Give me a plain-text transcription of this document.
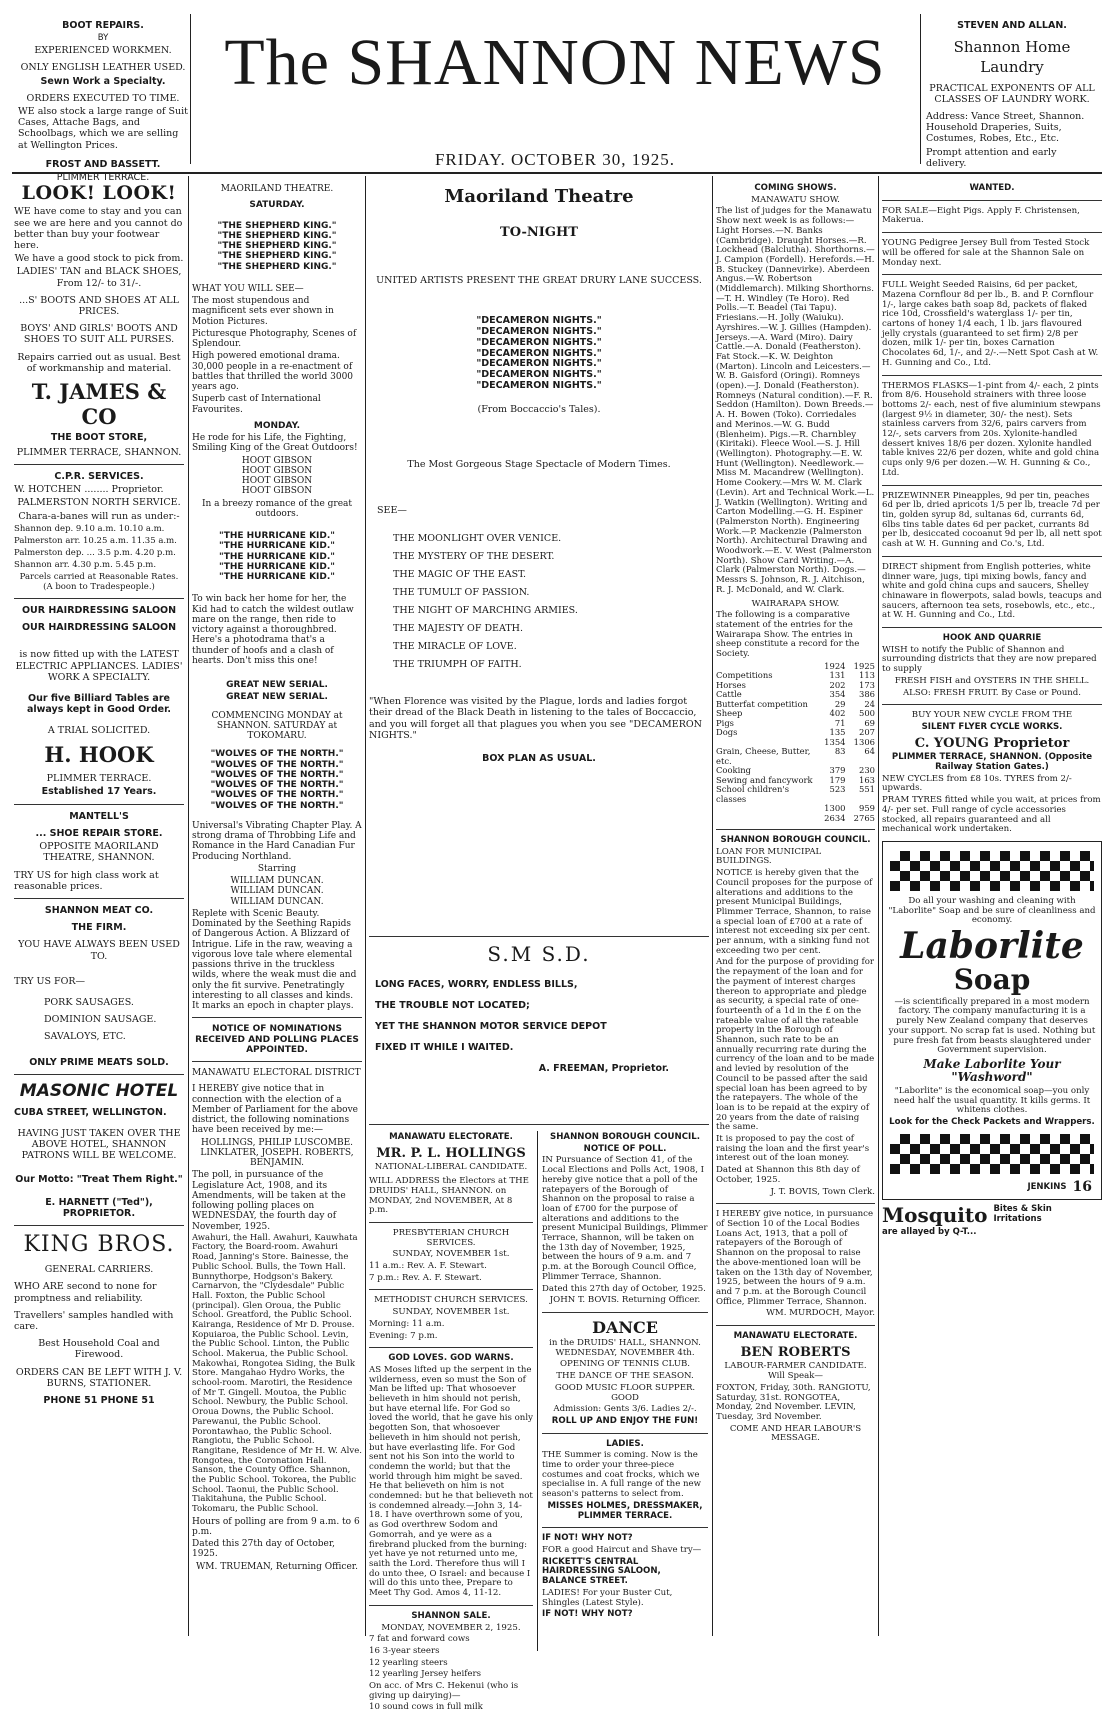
The SHANNON NEWS
FRIDAY. OCTOBER 30, 1925.

BOOT REPAIRS.

BY

EXPERIENCED WORKMEN.

ONLY ENGLISH LEATHER USED.

Sewn Work a Specialty.

ORDERS EXECUTED TO TIME.

WE also stock a large range of Suit Cases, Attache Bags, and Schoolbags, which we are selling at Wellington Prices.

FROST AND BASSETT.

PLIMMER TERRACE.

STEVEN AND ALLAN.

Shannon Home

Laundry

PRACTICAL EXPONENTS OF ALL CLASSES OF LAUNDRY WORK.

Address: Vance Street, Shannon. Household Draperies, Suits, Costumes, Robes, Etc., Etc.

Prompt attention and early delivery.

LOOK! LOOK!

WE have come to stay and you can see we are here and you cannot do better than buy your footwear here.

We have a good stock to pick from.

LADIES' TAN and BLACK SHOES, From 12/- to 31/-.

...S' BOOTS AND SHOES AT ALL PRICES.

BOYS' AND GIRLS' BOOTS AND SHOES TO SUIT ALL PURSES.

Repairs carried out as usual. Best of workmanship and material.

T. JAMES & CO

THE BOOT STORE,

PLIMMER TERRACE, SHANNON.

C.P.R. SERVICES.

W. HOTCHEN ........ Proprietor.

PALMERSTON NORTH SERVICE.

Chara-a-banes will run as under:-

Shannon dep. 9.10 a.m. 10.10 a.m.

Palmerston arr. 10.25 a.m. 11.35 a.m.

Palmerston dep. ... 3.5 p.m. 4.20 p.m.

Shannon arr. 4.30 p.m. 5.45 p.m.

Parcels carried at Reasonable Rates. (A boon to Tradespeople.)

OUR HAIRDRESSING SALOON

OUR HAIRDRESSING SALOON

is now fitted up with the LATEST ELECTRIC APPLIANCES. LADIES' WORK A SPECIALTY.

Our five Billiard Tables are always kept in Good Order.

A TRIAL SOLICITED.

H. HOOK

PLIMMER TERRACE.

Established 17 Years.

MANTELL'S

... SHOE REPAIR STORE.

OPPOSITE MAORILAND THEATRE, SHANNON.

TRY US for high class work at reasonable prices.

SHANNON MEAT CO.

THE FIRM.

YOU HAVE ALWAYS BEEN USED TO.

TRY US FOR—

PORK SAUSAGES.

DOMINION SAUSAGE.

SAVALOYS, ETC.

ONLY PRIME MEATS SOLD.

MASONIC HOTEL

CUBA STREET, WELLINGTON.

HAVING JUST TAKEN OVER THE ABOVE HOTEL, SHANNON PATRONS WILL BE WELCOME.

Our Motto: "Treat Them Right."

E. HARNETT ("Ted"), PROPRIETOR.

KING BROS.

GENERAL CARRIERS.

WHO ARE second to none for promptness and reliability.

Travellers' samples handled with care.

Best Household Coal and Firewood.

ORDERS CAN BE LEFT WITH J. V. BURNS, STATIONER.

PHONE 51 PHONE 51

MAORILAND THEATRE.

SATURDAY.

"THE SHEPHERD KING."
"THE SHEPHERD KING."
"THE SHEPHERD KING."
"THE SHEPHERD KING."
"THE SHEPHERD KING."

WHAT YOU WILL SEE—

The most stupendous and magnificent sets ever shown in Motion Pictures.

Picturesque Photography, Scenes of Splendour.

High powered emotional drama. 30,000 people in a re-enactment of battles that thrilled the world 3000 years ago.

Superb cast of International Favourites.

MONDAY.

He rode for his Life, the Fighting, Smiling King of the Great Outdoors!

HOOT GIBSON
HOOT GIBSON
HOOT GIBSON
HOOT GIBSON

In a breezy romance of the great outdoors.

"THE HURRICANE KID."
"THE HURRICANE KID."
"THE HURRICANE KID."
"THE HURRICANE KID."
"THE HURRICANE KID."

To win back her home for her, the Kid had to catch the wildest outlaw mare on the range, then ride to victory against a thoroughbred. Here's a photodrama that's a thunder of hoofs and a clash of hearts. Don't miss this one!

GREAT NEW SERIAL.

GREAT NEW SERIAL.

COMMENCING MONDAY at SHANNON. SATURDAY at TOKOMARU.

"WOLVES OF THE NORTH."
"WOLVES OF THE NORTH."
"WOLVES OF THE NORTH."
"WOLVES OF THE NORTH."
"WOLVES OF THE NORTH."
"WOLVES OF THE NORTH."

Universal's Vibrating Chapter Play. A strong drama of Throbbing Life and Romance in the Hard Canadian Fur Producing Northland.

Starring

WILLIAM DUNCAN.
WILLIAM DUNCAN.
WILLIAM DUNCAN.

Replete with Scenic Beauty. Dominated by the Seething Rapids of Dangerous Action. A Blizzard of Intrigue. Life in the raw, weaving a vigorous love tale where elemental passions thrive in the truckless wilds, where the weak must die and only the fit survive. Penetratingly interesting to all classes and kinds. It marks an epoch in chapter plays.

NOTICE OF NOMINATIONS RECEIVED AND POLLING PLACES APPOINTED.

MANAWATU ELECTORAL DISTRICT

I HEREBY give notice that in connection with the election of a Member of Parliament for the above district, the following nominations have been received by me:—

HOLLINGS, PHILIP LUSCOMBE. LINKLATER, JOSEPH. ROBERTS, BENJAMIN.

The poll, in pursuance of the Legislature Act, 1908, and its Amendments, will be taken at the following polling places on WEDNESDAY, the fourth day of November, 1925.

Awahuri, the Hall. Awahuri, Kauwhata Factory, the Board-room. Awahuri Road, Janning's Store. Bainesse, the Public School. Bulls, the Town Hall. Bunnythorpe, Hodgson's Bakery. Carnarvon, the "Clydesdale" Public Hall. Foxton, the Public School (principal). Glen Oroua, the Public School. Greatford, the Public School. Kairanga, Residence of Mr D. Prouse. Kopuiaroa, the Public School. Levin, the Public School. Linton, the Public School. Makerua, the Public School. Makowhai, Rongotea Siding, the Bulk Store. Mangahao Hydro Works, the school-room. Marotiri, the Residence of Mr T. Gingell. Moutoa, the Public School. Newbury, the Public School. Oroua Downs, the Public School. Parewanui, the Public School. Porontawhao, the Public School. Rangiotu, the Public School. Rangitane, Residence of Mr H. W. Alve. Rongotea, the Coronation Hall. Sanson, the County Office. Shannon, the Public School. Tokorea, the Public School. Taonui, the Public School. Tiakitahuna, the Public School. Tokomaru, the Public School.

Hours of polling are from 9 a.m. to 6 p.m.

Dated this 27th day of October, 1925.

WM. TRUEMAN, Returning Officer.

Maoriland Theatre
TO-NIGHT

UNITED ARTISTS PRESENT THE GREAT DRURY LANE SUCCESS.

"DECAMERON NIGHTS."
"DECAMERON NIGHTS."
"DECAMERON NIGHTS."
"DECAMERON NIGHTS."
"DECAMERON NIGHTS."
"DECAMERON NIGHTS."
"DECAMERON NIGHTS."

(From Boccaccio's Tales).

The Most Gorgeous Stage Spectacle of Modern Times.

SEE—

THE MOONLIGHT OVER VENICE.
THE MYSTERY OF THE DESERT.
THE MAGIC OF THE EAST.
THE TUMULT OF PASSION.
THE NIGHT OF MARCHING ARMIES.
THE MAJESTY OF DEATH.
THE MIRACLE OF LOVE.
THE TRIUMPH OF FAITH.

"When Florence was visited by the Plague, lords and ladies forgot their dread of the Black Death in listening to the tales of Boccaccio, and you will forget all that plagues you when you see "DECAMERON NIGHTS."

BOX PLAN AS USUAL.

S.M S.D.

LONG FACES, WORRY, ENDLESS BILLS,

THE TROUBLE NOT LOCATED;

YET THE SHANNON MOTOR SERVICE DEPOT

FIXED IT WHILE I WAITED.

A. FREEMAN, Proprietor.

MANAWATU ELECTORATE.

MR. P. L. HOLLINGS

NATIONAL-LIBERAL CANDIDATE.

WILL ADDRESS the Electors at THE DRUIDS' HALL, SHANNON. on MONDAY, 2nd NOVEMBER, At 8 p.m.

PRESBYTERIAN CHURCH SERVICES.

SUNDAY, NOVEMBER 1st.

11 a.m.: Rev. A. F. Stewart.

7 p.m.: Rev. A. F. Stewart.

METHODIST CHURCH SERVICES.

SUNDAY, NOVEMBER 1st.

Morning: 11 a.m.

Evening: 7 p.m.

GOD LOVES. GOD WARNS.

AS Moses lifted up the serpent in the wilderness, even so must the Son of Man be lifted up: That whosoever believeth in him should not perish, but have eternal life. For God so loved the world, that he gave his only begotten Son, that whosoever believeth in him should not perish, but have everlasting life. For God sent not his Son into the world to condemn the world; but that the world through him might be saved. He that believeth on him is not condemned: but he that believeth not is condemned already.—John 3, 14-18. I have overthrown some of you, as God overthrew Sodom and Gomorrah, and ye were as a firebrand plucked from the burning: yet have ye not returned unto me, saith the Lord. Therefore thus will I do unto thee, O Israel: and because I will do this unto thee, Prepare to Meet Thy God. Amos 4, 11-12.

SHANNON SALE.

MONDAY, NOVEMBER 2, 1925.

7 fat and forward cows

16 3-year steers

12 yearling steers

12 yearling Jersey heifers

On acc. of Mrs C. Hekenui (who is giving up dairying)—

10 sound cows in full milk

SHANNON BOROUGH COUNCIL.

NOTICE OF POLL.

IN Pursuance of Section 41, of the Local Elections and Polls Act, 1908, I hereby give notice that a poll of the ratepayers of the Borough of Shannon on the proposal to raise a loan of £700 for the purpose of alterations and additions to the present Municipal Buildings, Plimmer Terrace, Shannon, will be taken on the 13th day of November, 1925, between the hours of 9 a.m. and 7 p.m. at the Borough Council Office, Plimmer Terrace, Shannon.

Dated this 27th day of October, 1925.

JOHN T. BOVIS. Returning Officer.

DANCE

in the DRUIDS' HALL, SHANNON. WEDNESDAY, NOVEMBER 4th.

OPENING OF TENNIS CLUB.

THE DANCE OF THE SEASON.

GOOD MUSIC FLOOR SUPPER. GOOD

Admission: Gents 3/6. Ladies 2/-.

ROLL UP AND ENJOY THE FUN!

LADIES.

THE Summer is coming. Now is the time to order your three-piece costumes and coat frocks, which we specialise in. A full range of the new season's patterns to select from.

MISSES HOLMES, DRESSMAKER, PLIMMER TERRACE.

IF NOT! WHY NOT?

FOR a good Haircut and Shave try—

RICKETT'S CENTRAL HAIRDRESSING SALOON, BALANCE STREET.

LADIES! For your Buster Cut, Shingles (Latest Style).

IF NOT! WHY NOT?

COMING SHOWS.

MANAWATU SHOW.

The list of judges for the Manawatu Show next week is as follows:— Light Horses.—N. Banks (Cambridge). Draught Horses.—R. Lockhead (Balclutha). Shorthorns.—J. Campion (Fordell). Herefords.—H. B. Stuckey (Dannevirke). Aberdeen Angus.—W. Robertson (Middlemarch). Milking Shorthorns.—T. H. Windley (Te Horo). Red Polls.—T. Beadel (Tai Tapu). Friesians.—H. Jolly (Waiuku). Ayrshires.—W. J. Gillies (Hampden). Jerseys.—A. Ward (Miro). Dairy Cattle.—A. Donald (Featherston). Fat Stock.—K. W. Deighton (Marton). Lincoln and Leicesters.—W. B. Gaisford (Oringi). Romneys (open).—J. Donald (Featherston). Romneys (Natural condition).—F. R. Seddon (Hamilton). Down Breeds.—A. H. Bowen (Toko). Corriedales and Merinos.—W. G. Budd (Blenheim). Pigs.—R. Charnbley (Kiritaki). Fleece Wool.—S. J. Hill (Wellington). Photography.—E. W. Hunt (Wellington). Needlework.—Miss M. Macandrew (Wellington). Home Cookery.—Mrs W. M. Clark (Levin). Art and Technical Work.—L. J. Watkin (Wellington). Writing and Carton Modelling.—G. H. Espiner (Palmerston North). Engineering Work.—P. Mackenzie (Palmerston North). Architectural Drawing and Woodwork.—E. V. West (Palmerston North). Show Card Writing.—A. Clark (Palmerston North). Dogs.—Messrs S. Johnson, R. J. Aitchison, R. J. McDonald, and W. Clark.

WAIRARAPA SHOW.

The following is a comparative statement of the entries for the Wairarapa Show. The entries in sheep constitute a record for the Society.

1924 1925
Competitions	131	113
Horses	202	173
Cattle	354	386
Butterfat competition	29	24
Sheep	402	500
Pigs	71	69
Dogs	135	207
1354 1306
Grain, Cheese, Butter, etc.
83	64
Cooking	379	230
Sewing and fancywork	179	163
School children's classes
523	551
1300	959
2634 2765

SHANNON BOROUGH COUNCIL.

LOAN FOR MUNICIPAL BUILDINGS.

NOTICE is hereby given that the Council proposes for the purpose of alterations and additions to the present Municipal Buildings, Plimmer Terrace, Shannon, to raise a special loan of £700 at a rate of interest not exceeding six per cent. per annum, with a sinking fund not exceeding two per cent.

And for the purpose of providing for the repayment of the loan and for the payment of interest charges thereon to appropriate and pledge as security, a special rate of one-fourteenth of a 1d in the £ on the rateable value of all the rateable property in the Borough of Shannon, such rate to be an annually recurring rate during the currency of the loan and to be made and levied by resolution of the Council to be passed after the said special loan has been agreed to by the ratepayers. The whole of the loan is to be repaid at the expiry of 20 years from the date of raising the same.

It is proposed to pay the cost of raising the loan and the first year's interest out of the loan money.

Dated at Shannon this 8th day of October, 1925.

J. T. BOVIS, Town Clerk.

I HEREBY give notice, in pursuance of Section 10 of the Local Bodies Loans Act, 1913, that a poll of ratepayers of the Borough of Shannon on the proposal to raise the above-mentioned loan will be taken on the 13th day of November, 1925, between the hours of 9 a.m. and 7 p.m. at the Borough Council Office, Plimmer Terrace, Shannon.

WM. MURDOCH, Mayor.

MANAWATU ELECTORATE.

BEN ROBERTS

LABOUR-FARMER CANDIDATE. Will Speak—

FOXTON, Friday, 30th. RANGIOTU, Saturday, 31st. RONGOTEA, Monday, 2nd November. LEVIN, Tuesday, 3rd November.

COME AND HEAR LABOUR'S MESSAGE.

WANTED.

FOR SALE—Eight Pigs. Apply F. Christensen, Makerua.

YOUNG Pedigree Jersey Bull from Tested Stock will be offered for sale at the Shannon Sale on Monday next.

FULL Weight Seeded Raisins, 6d per packet, Mazena Cornflour 8d per lb., B. and P. Cornflour 1/-, large cakes bath soap 8d, packets of flaked rice 10d, Crossfield's waterglass 1/- per tin, cartons of honey 1/4 each, 1 lb. jars flavoured jelly crystals (guaranteed to set firm) 2/8 per dozen, milk 1/- per tin, boxes Carnation Chocolates 6d, 1/-, and 2/-.—Nett Spot Cash at W. H. Gunning and Co., Ltd.

THERMOS FLASKS—1-pint from 4/- each, 2 pints from 8/6. Household strainers with three loose bottoms 2/- each, nest of five aluminium stewpans (largest 9½ in diameter, 30/- the nest). Sets stainless carvers from 32/6, pairs carvers from 12/-, sets carvers from 20s. Xylonite-handled dessert knives 18/6 per dozen. Xylonite handled table knives 22/6 per dozen, white and gold china cups only 9/6 per dozen.—W. H. Gunning & Co., Ltd.

PRIZEWINNER Pineapples, 9d per tin, peaches 6d per lb, dried apricots 1/5 per lb, treacle 7d per tin, golden syrup 8d, sultanas 6d, currants 6d, 6lbs tins table dates 6d per packet, currants 8d per lb, desiccated cocoanut 9d per lb, all nett spot cash at W. H. Gunning and Co.'s, Ltd.

DIRECT shipment from English potteries, white dinner ware, jugs, tipi mixing bowls, fancy and white and gold china cups and saucers, Shelley chinaware in flowerpots, salad bowls, teacups and saucers, afternoon tea sets, rosebowls, etc., etc., at W. H. Gunning and Co., Ltd.

HOOK AND QUARRIE

WISH to notify the Public of Shannon and surrounding districts that they are now prepared to supply

FRESH FISH and OYSTERS IN THE SHELL.

ALSO: FRESH FRUIT. By Case or Pound.

BUY YOUR NEW CYCLE FROM THE

SILENT FLYER CYCLE WORKS.

C. YOUNG Proprietor

PLIMMER TERRACE, SHANNON. (Opposite Railway Station Gates.)

NEW CYCLES from £8 10s. TYRES from 2/- upwards.

PRAM TYRES fitted while you wait, at prices from 4/- per set. Full range of cycle accessories stocked, all repairs guaranteed and all mechanical work undertaken.

Do all your washing and cleaning with "Laborlite" Soap and be sure of cleanliness and economy.

Laborlite
Soap

—is scientifically prepared in a most modern factory. The company manufacturing it is a purely New Zealand company that deserves your support. No scrap fat is used. Nothing but pure fresh fat from beasts slaughtered under Government supervision.

Make Laborlite Your "Washword"

"Laborlite" is the economical soap—you only need half the usual quantity. It kills germs. It whitens clothes.

Look for the Check Packets and Wrappers.

JENKINS 16
Mosquito Bites & Skin Irritations

are allayed by Q-T...
